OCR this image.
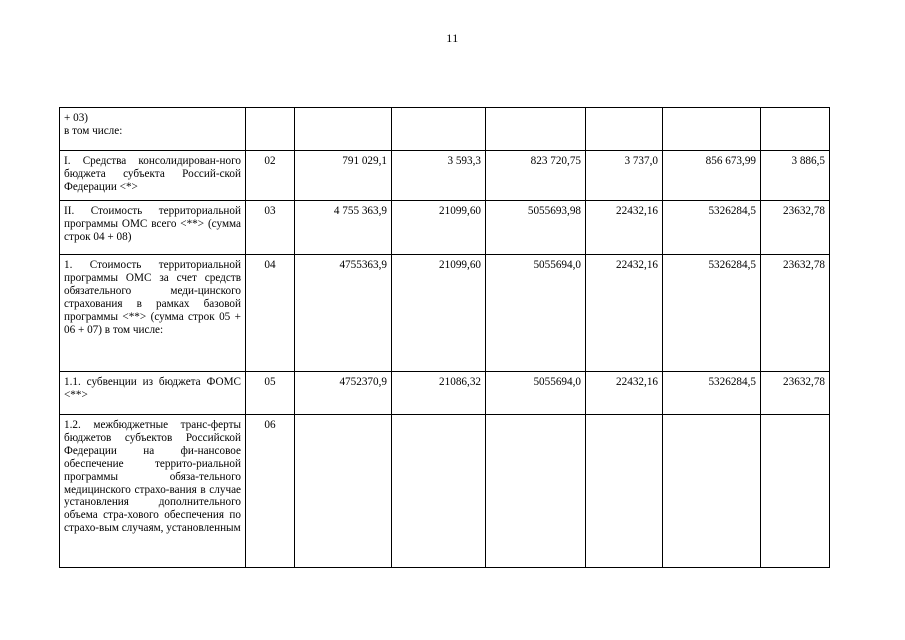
11
+ 03)
в том числе:							
I. Средства консолидирован-ного бюджета субъекта Россий-ской Федерации <*>	02	791 029,1	3 593,3	823 720,75	3 737,0	856 673,99	3 886,5
II. Стоимость территориальной программы ОМС всего <**> (сумма строк 04 + 08)	03	4 755 363,9	21099,60	5055693,98	22432,16	5326284,5	23632,78
1. Стоимость территориальной программы ОМС за счет средств обязательного меди-цинского страхования в рамках базовой программы <**> (сумма строк 05 + 06 + 07) в том числе:	04	4755363,9	21099,60	5055694,0	22432,16	5326284,5	23632,78
1.1. субвенции из бюджета ФОМС <**>	05	4752370,9	21086,32	5055694,0	22432,16	5326284,5	23632,78
1.2. межбюджетные транс-ферты бюджетов субъектов Российской Федерации на фи-нансовое обеспечение террито-риальной программы обяза-тельного медицинского страхо-вания в случае установления дополнительного объема стра-хового обеспечения по страхо-вым случаям, установленным	06						
